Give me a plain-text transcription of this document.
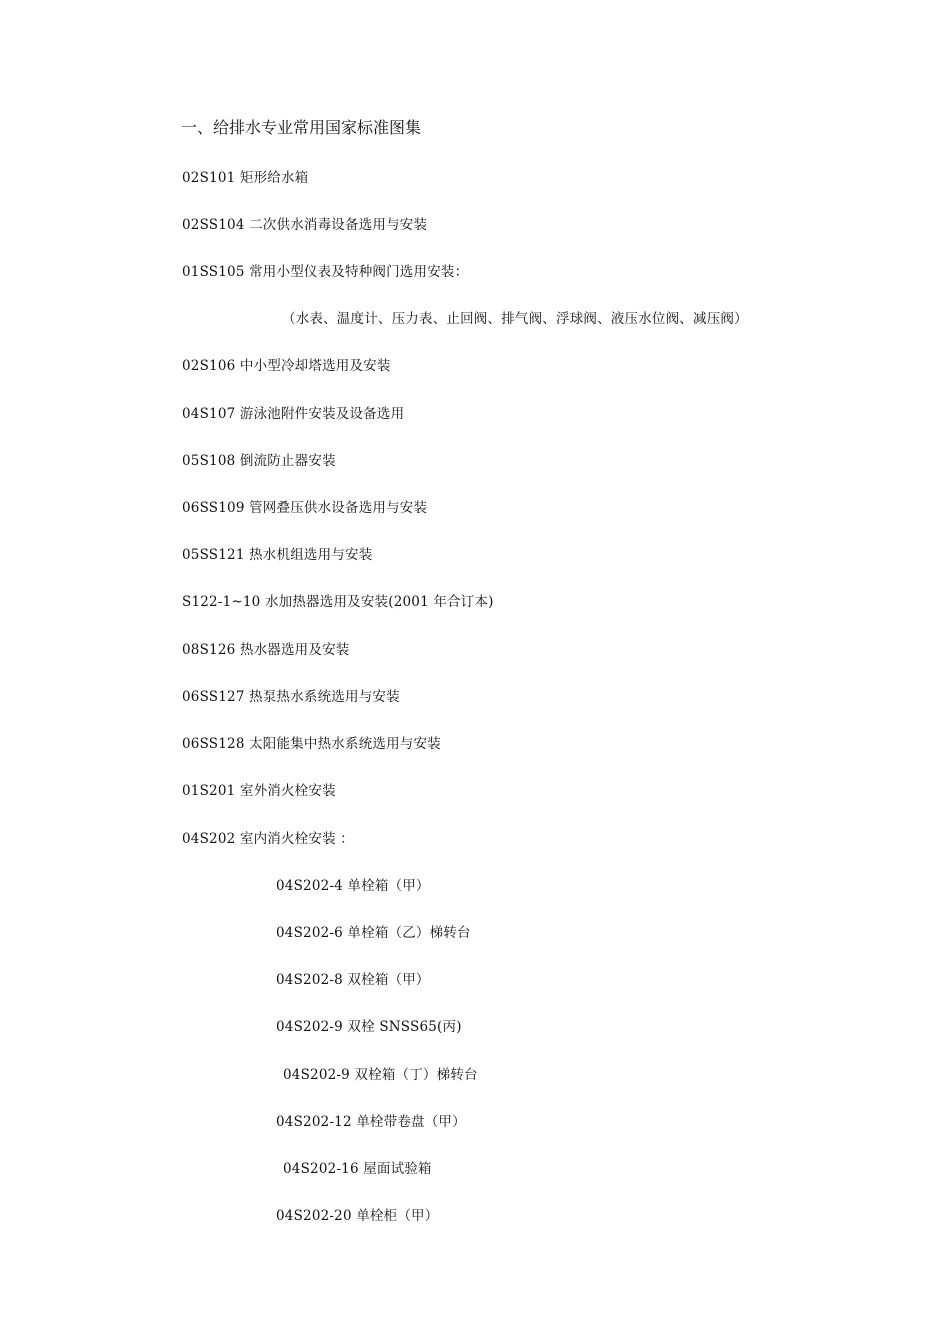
一、给排水专业常用国家标准图集
02S101 矩形给水箱
02SS104 二次供水消毒设备选用与安装
01SS105 常用小型仪表及特种阀门选用安装：
（水表、温度计、压力表、止回阀、排气阀、浮球阀、液压水位阀、减压阀）
02S106 中小型冷却塔选用及安装
04S107 游泳池附件安装及设备选用
05S108 倒流防止器安装
06SS109 管网叠压供水设备选用与安装
05SS121 热水机组选用与安装
S122-1~10 水加热器选用及安装(2001 年合订本)
08S126 热水器选用及安装
06SS127 热泵热水系统选用与安装
06SS128 太阳能集中热水系统选用与安装
01S201 室外消火栓安装
04S202 室内消火栓安装 ：
04S202-4 单栓箱（甲）
04S202-6 单栓箱（乙）梯转台
04S202-8 双栓箱（甲）
04S202-9 双栓 SNSS65(丙)
04S202-9 双栓箱（丁）梯转台
04S202-12 单栓带卷盘（甲）
04S202-16 屋面试验箱
04S202-20 单栓柜（甲）
